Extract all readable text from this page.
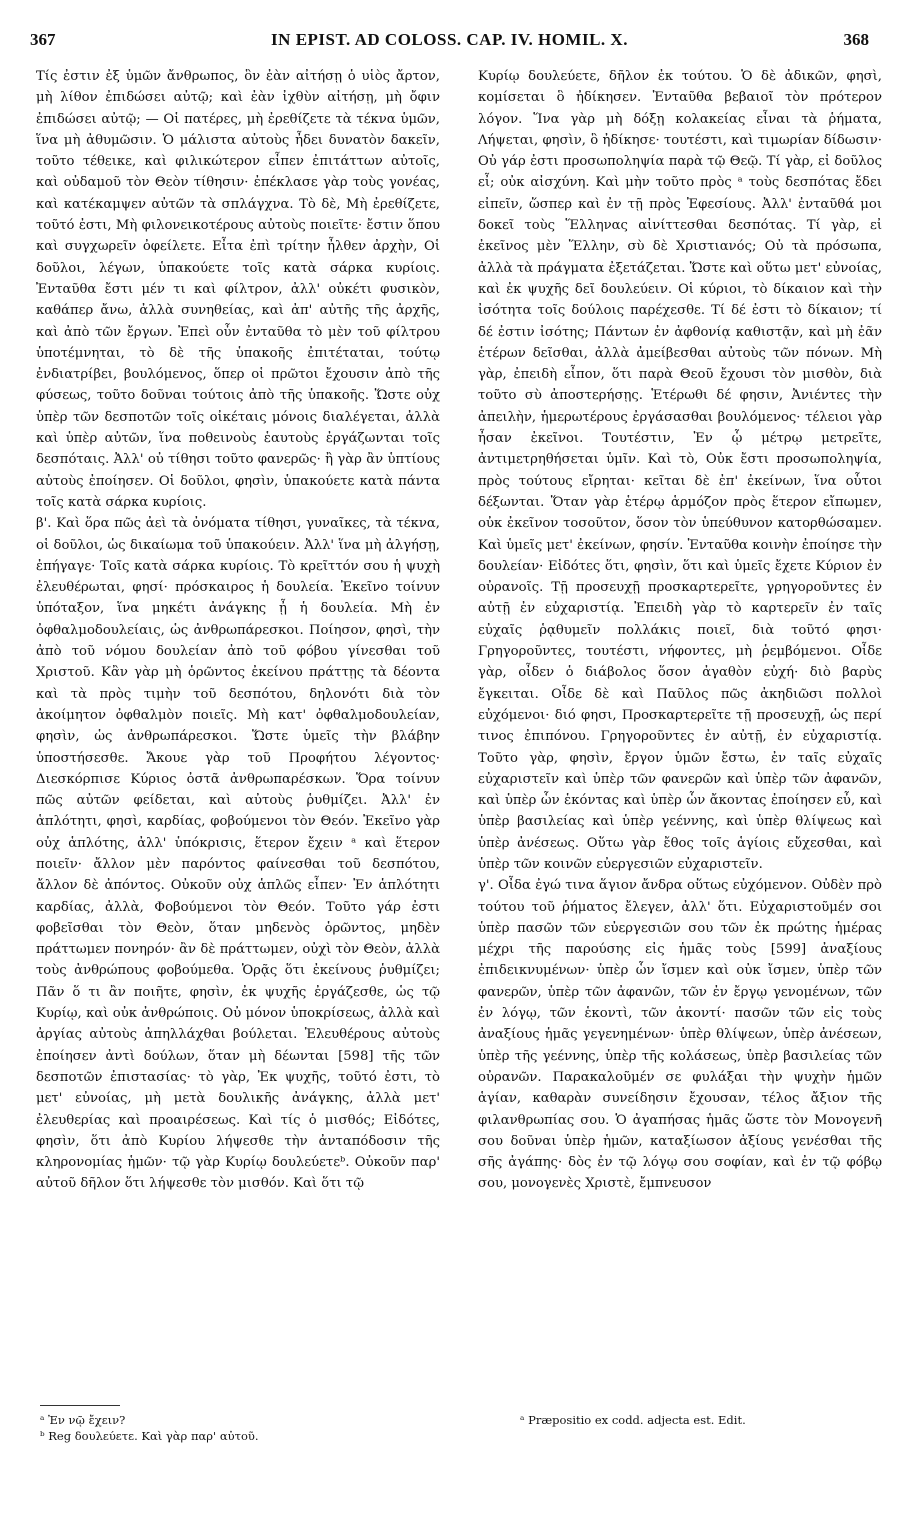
367	IN EPIST. AD COLOSS. CAP. IV. HOMIL. X.	368

Τίς ἐστιν ἐξ ὑμῶν ἄνθρωπος, ὃν ἐὰν αἰτήσῃ ὁ υἱὸς ἄρτον, μὴ λίθον ἐπιδώσει αὐτῷ; καὶ ἐὰν ἰχθὺν αἰτήσῃ, μὴ ὄφιν ἐπιδώσει αὐτῷ; — Οἱ πατέρες, μὴ ἐρεθίζετε τὰ τέκνα ὑμῶν, ἵνα μὴ ἀθυμῶσιν. Ὁ μάλιστα αὐτοὺς ἦδει δυνατὸν δακεῖν, τοῦτο τέθεικε, καὶ φιλικώτερον εἶπεν ἐπιτάττων αὐτοῖς, καὶ οὐδαμοῦ τὸν Θεὸν τίθησιν· ἐπέκλασε γὰρ τοὺς γονέας, καὶ κατέκαμψεν αὐτῶν τὰ σπλάγχνα. Τὸ δὲ, Μὴ ἐρεθίζετε, τοῦτό ἐστι, Μὴ φιλονεικοτέρους αὐτοὺς ποιεῖτε· ἔστιν ὅπου καὶ συγχωρεῖν ὀφείλετε. Εἶτα ἐπὶ τρίτην ἦλθεν ἀρχὴν, Οἱ δοῦλοι, λέγων, ὑπακούετε τοῖς κατὰ σάρκα κυρίοις. Ἐνταῦθα ἔστι μέν τι καὶ φίλτρον, ἀλλ' οὐκέτι φυσικὸν, καθάπερ ἄνω, ἀλλὰ συνηθείας, καὶ ἀπ' αὐτῆς τῆς ἀρχῆς, καὶ ἀπὸ τῶν ἔργων. Ἐπεὶ οὖν ἐνταῦθα τὸ μὲν τοῦ φίλτρου ὑποτέμνηται, τὸ δὲ τῆς ὑπακοῆς ἐπιτέταται, τούτῳ ἐνδιατρίβει, βουλόμενος, ὅπερ οἱ πρῶτοι ἔχουσιν ἀπὸ τῆς φύσεως, τοῦτο δοῦναι τούτοις ἀπὸ τῆς ὑπακοῆς. Ὥστε οὐχ ὑπὲρ τῶν δεσποτῶν τοῖς οἰκέταις μόνοις διαλέγεται, ἀλλὰ καὶ ὑπὲρ αὐτῶν, ἵνα ποθεινοὺς ἑαυτοὺς ἐργάζωνται τοῖς δεσπόταις. Ἀλλ' οὐ τίθησι τοῦτο φανερῶς· ἢ γὰρ ἂν ὑπτίους αὐτοὺς ἐποίησεν. Οἱ δοῦλοι, φησὶν, ὑπακούετε κατὰ πάντα τοῖς κατὰ σάρκα κυρίοις.

β'. Καὶ ὅρα πῶς ἀεὶ τὰ ὀνόματα τίθησι, γυναῖκες, τὰ τέκνα, οἱ δοῦλοι, ὡς δικαίωμα τοῦ ὑπακούειν. Ἀλλ' ἵνα μὴ ἀλγήσῃ, ἐπήγαγε· Τοῖς κατὰ σάρκα κυρίοις. Τὸ κρεῖττόν σου ἡ ψυχὴ ἐλευθέρωται, φησί· πρόσκαιρος ἡ δουλεία. Ἐκεῖνο τοίνυν ὑπόταξον, ἵνα μηκέτι ἀνάγκης ᾖ ἡ δουλεία. Μὴ ἐν ὀφθαλμοδουλείαις, ὡς ἀνθρωπάρεσκοι. Ποίησον, φησὶ, τὴν ἀπὸ τοῦ νόμου δουλείαν ἀπὸ τοῦ φόβου γίνεσθαι τοῦ Χριστοῦ. Κἂν γὰρ μὴ ὁρῶντος ἐκείνου πράττῃς τὰ δέοντα καὶ τὰ πρὸς τιμὴν τοῦ δεσπότου, δηλονότι διὰ τὸν ἀκοίμητον ὀφθαλμὸν ποιεῖς. Μὴ κατ' ὀφθαλμοδουλείαν, φησὶν, ὡς ἀνθρωπάρεσκοι. Ὥστε ὑμεῖς τὴν βλάβην ὑποστήσεσθε. Ἄκουε γὰρ τοῦ Προφήτου λέγοντος· Διεσκόρπισε Κύριος ὀστᾶ ἀνθρωπαρέσκων. Ὅρα τοίνυν πῶς αὐτῶν φείδεται, καὶ αὐτοὺς ῥυθμίζει. Ἀλλ' ἐν ἁπλότητι, φησὶ, καρδίας, φοβούμενοι τὸν Θεόν. Ἐκεῖνο γὰρ οὐχ ἁπλότης, ἀλλ' ὑπόκρισις, ἕτερον ἔχειν ᵃ καὶ ἕτερον ποιεῖν· ἄλλον μὲν παρόντος φαίνεσθαι τοῦ δεσπότου, ἄλλον δὲ ἀπόντος. Οὐκοῦν οὐχ ἁπλῶς εἶπεν· Ἐν ἁπλότητι καρδίας, ἀλλὰ, Φοβούμενοι τὸν Θεόν. Τοῦτο γάρ ἐστι φοβεῖσθαι τὸν Θεὸν, ὅταν μηδενὸς ὁρῶντος, μηδὲν πράττωμεν πονηρόν· ἂν δὲ πράττωμεν, οὐχὶ τὸν Θεὸν, ἀλλὰ τοὺς ἀνθρώπους φοβούμεθα. Ὁρᾷς ὅτι ἐκείνους ῥυθμίζει; Πᾶν ὅ τι ἂν ποιῆτε, φησὶν, ἐκ ψυχῆς ἐργάζεσθε, ὡς τῷ Κυρίῳ, καὶ οὐκ ἀνθρώποις. Οὐ μόνον ὑποκρίσεως, ἀλλὰ καὶ ἀργίας αὐτοὺς ἀπηλλάχθαι βούλεται. Ἐλευθέρους αὐτοὺς ἐποίησεν ἀντὶ δούλων, ὅταν μὴ δέωνται [598] τῆς τῶν δεσποτῶν ἐπιστασίας· τὸ γὰρ, Ἐκ ψυχῆς, τοῦτό ἐστι, τὸ μετ' εὐνοίας, μὴ μετὰ δουλικῆς ἀνάγκης, ἀλλὰ μετ' ἐλευθερίας καὶ προαιρέσεως. Καὶ τίς ὁ μισθός; Εἰδότες, φησὶν, ὅτι ἀπὸ Κυρίου λήψεσθε τὴν ἀνταπόδοσιν τῆς κληρονομίας ἡμῶν· τῷ γὰρ Κυρίῳ δουλεύετεᵇ. Οὐκοῦν παρ' αὐτοῦ δῆλον ὅτι λήψεσθε τὸν μισθόν. Καὶ ὅτι τῷ

Κυρίῳ δουλεύετε, δῆλον ἐκ τούτου. Ὁ δὲ ἀδικῶν, φησὶ, κομίσεται ὃ ἠδίκησεν. Ἐνταῦθα βεβαιοῖ τὸν πρότερον λόγον. Ἵνα γὰρ μὴ δόξῃ κολακείας εἶναι τὰ ῥήματα, Λήψεται, φησὶν, ὃ ἠδίκησε· τουτέστι, καὶ τιμωρίαν δίδωσιν· Οὐ γάρ ἐστι προσωποληψία παρὰ τῷ Θεῷ. Τί γὰρ, εἰ δοῦλος εἶ; οὐκ αἰσχύνη. Καὶ μὴν τοῦτο πρὸς ᵃ τοὺς δεσπότας ἔδει εἰπεῖν, ὥσπερ καὶ ἐν τῇ πρὸς Ἐφεσίους. Ἀλλ' ἐνταῦθά μοι δοκεῖ τοὺς Ἕλληνας αἰνίττεσθαι δεσπότας. Τί γὰρ, εἰ ἐκεῖνος μὲν Ἕλλην, σὺ δὲ Χριστιανός; Οὐ τὰ πρόσωπα, ἀλλὰ τὰ πράγματα ἐξετάζεται. Ὥστε καὶ οὕτω μετ' εὐνοίας, καὶ ἐκ ψυχῆς δεῖ δουλεύειν. Οἱ κύριοι, τὸ δίκαιον καὶ τὴν ἰσότητα τοῖς δούλοις παρέχεσθε. Τί δέ ἐστι τὸ δίκαιον; τί δέ ἐστιν ἰσότης; Πάντων ἐν ἀφθονίᾳ καθιστᾷν, καὶ μὴ ἐᾶν ἑτέρων δεῖσθαι, ἀλλὰ ἀμείβεσθαι αὐτοὺς τῶν πόνων. Μὴ γὰρ, ἐπειδὴ εἶπον, ὅτι παρὰ Θεοῦ ἔχουσι τὸν μισθὸν, διὰ τοῦτο σὺ ἀποστερήσῃς. Ἑτέρωθι δέ φησιν, Ἀνιέντες τὴν ἀπειλὴν, ἡμερωτέρους ἐργάσασθαι βουλόμενος· τέλειοι γὰρ ἦσαν ἐκεῖνοι. Τουτέστιν, Ἐν ᾧ μέτρῳ μετρεῖτε, ἀντιμετρηθήσεται ὑμῖν. Καὶ τὸ, Οὐκ ἔστι προσωποληψία, πρὸς τούτους εἴρηται· κεῖται δὲ ἐπ' ἐκείνων, ἵνα οὗτοι δέξωνται. Ὅταν γὰρ ἑτέρῳ ἁρμόζον πρὸς ἕτερον εἴπωμεν, οὐκ ἐκεῖνον τοσοῦτον, ὅσον τὸν ὑπεύθυνον κατορθώσαμεν. Καὶ ὑμεῖς μετ' ἐκείνων, φησίν. Ἐνταῦθα κοινὴν ἐποίησε τὴν δουλείαν· Εἰδότες ὅτι, φησὶν, ὅτι καὶ ὑμεῖς ἔχετε Κύριον ἐν οὐρανοῖς. Τῇ προσευχῇ προσκαρτερεῖτε, γρηγοροῦντες ἐν αὐτῇ ἐν εὐχαριστίᾳ. Ἐπειδὴ γὰρ τὸ καρτερεῖν ἐν ταῖς εὐχαῖς ῥᾳθυμεῖν πολλάκις ποιεῖ, διὰ τοῦτό φησι· Γρηγοροῦντες, τουτέστι, νήφοντες, μὴ ῥεμβόμενοι. Οἶδε γὰρ, οἶδεν ὁ διάβολος ὅσον ἀγαθὸν εὐχή· διὸ βαρὺς ἔγκειται. Οἶδε δὲ καὶ Παῦλος πῶς ἀκηδιῶσι πολλοὶ εὐχόμενοι· διό φησι, Προσκαρτερεῖτε τῇ προσευχῇ, ὡς περί τινος ἐπιπόνου. Γρηγοροῦντες ἐν αὐτῇ, ἐν εὐχαριστίᾳ. Τοῦτο γὰρ, φησὶν, ἔργον ὑμῶν ἔστω, ἐν ταῖς εὐχαῖς εὐχαριστεῖν καὶ ὑπὲρ τῶν φανερῶν καὶ ὑπὲρ τῶν ἀφανῶν, καὶ ὑπὲρ ὧν ἑκόντας καὶ ὑπὲρ ὧν ἄκοντας ἐποίησεν εὖ, καὶ ὑπὲρ βασιλείας καὶ ὑπὲρ γεέννης, καὶ ὑπὲρ θλίψεως καὶ ὑπὲρ ἀνέσεως. Οὕτω γὰρ ἔθος τοῖς ἁγίοις εὔχεσθαι, καὶ ὑπὲρ τῶν κοινῶν εὐεργεσιῶν εὐχαριστεῖν.

γ'. Οἶδα ἐγώ τινα ἅγιον ἄνδρα οὕτως εὐχόμενον. Οὐδὲν πρὸ τούτου τοῦ ῥήματος ἔλεγεν, ἀλλ' ὅτι. Εὐχαριστοῦμέν σοι ὑπὲρ πασῶν τῶν εὐεργεσιῶν σου τῶν ἐκ πρώτης ἡμέρας μέχρι τῆς παρούσης εἰς ἡμᾶς τοὺς [599] ἀναξίους ἐπιδεικνυμένων· ὑπὲρ ὧν ἴσμεν καὶ οὐκ ἴσμεν, ὑπὲρ τῶν φανερῶν, ὑπὲρ τῶν ἀφανῶν, τῶν ἐν ἔργῳ γενομένων, τῶν ἐν λόγῳ, τῶν ἑκοντὶ, τῶν ἀκοντί· πασῶν τῶν εἰς τοὺς ἀναξίους ἡμᾶς γεγενημένων· ὑπὲρ θλίψεων, ὑπὲρ ἀνέσεων, ὑπὲρ τῆς γεέννης, ὑπὲρ τῆς κολάσεως, ὑπὲρ βασιλείας τῶν οὐρανῶν. Παρακαλοῦμέν σε φυλάξαι τὴν ψυχὴν ἡμῶν ἁγίαν, καθαρὰν συνείδησιν ἔχουσαν, τέλος ἄξιον τῆς φιλανθρωπίας σου. Ὁ ἀγαπήσας ἡμᾶς ὥστε τὸν Μονογενῆ σου δοῦναι ὑπὲρ ἡμῶν, καταξίωσον ἀξίους γενέσθαι τῆς σῆς ἀγάπης· δὸς ἐν τῷ λόγῳ σου σοφίαν, καὶ ἐν τῷ φόβῳ σου, μονογενὲς Χριστὲ, ἔμπνευσον

ᵃ Ἐν νῷ ἔχειν?
ᵇ Reg δουλεύετε. Καὶ γὰρ παρ' αὐτοῦ.
ᵃ Præpositio ex codd. adjecta est. Edit.
